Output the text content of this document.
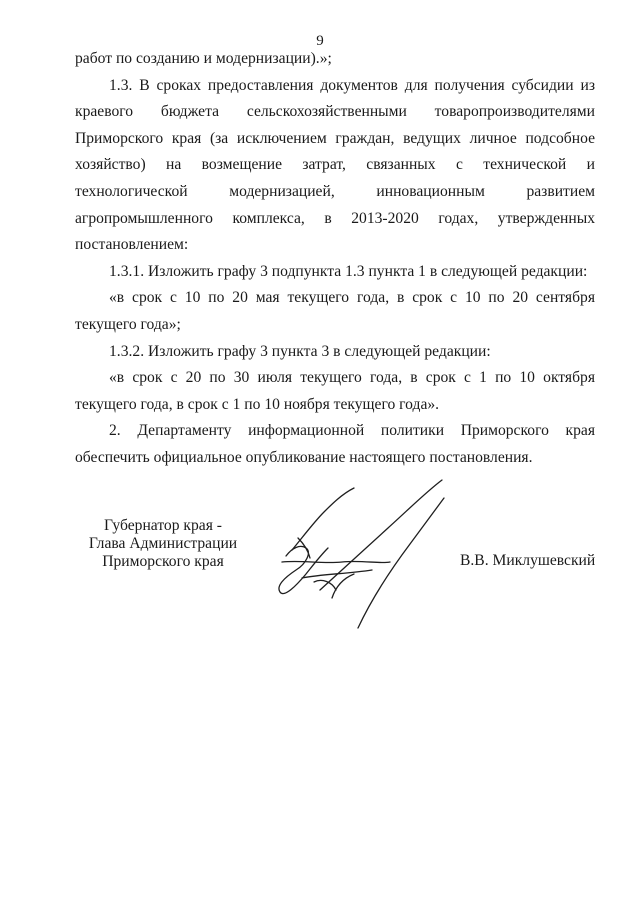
9

работ по созданию и модернизации).»;

1.3. В сроках предоставления документов для получения субсидии из краевого бюджета сельскохозяйственными товаропроизводителями Приморского края (за исключением граждан, ведущих личное подсобное хозяйство) на возмещение затрат, связанных с технической и технологической модернизацией, инновационным развитием агропромышленного комплекса, в 2013-2020 годах, утвержденных постановлением:

1.3.1. Изложить графу 3 подпункта 1.3 пункта 1 в следующей редакции:

«в срок с 10 по 20 мая текущего года, в срок с 10 по 20 сентября текущего года»;

1.3.2. Изложить графу 3 пункта 3 в следующей редакции:

«в срок с 20 по 30 июля текущего года, в срок с 1 по 10 октября текущего года, в срок с 1 по 10 ноября текущего года».

2. Департаменту информационной политики Приморского края обеспечить официальное опубликование настоящего постановления.

Губернатор края -
Глава Администрации
Приморского края	В.В. Миклушевский
